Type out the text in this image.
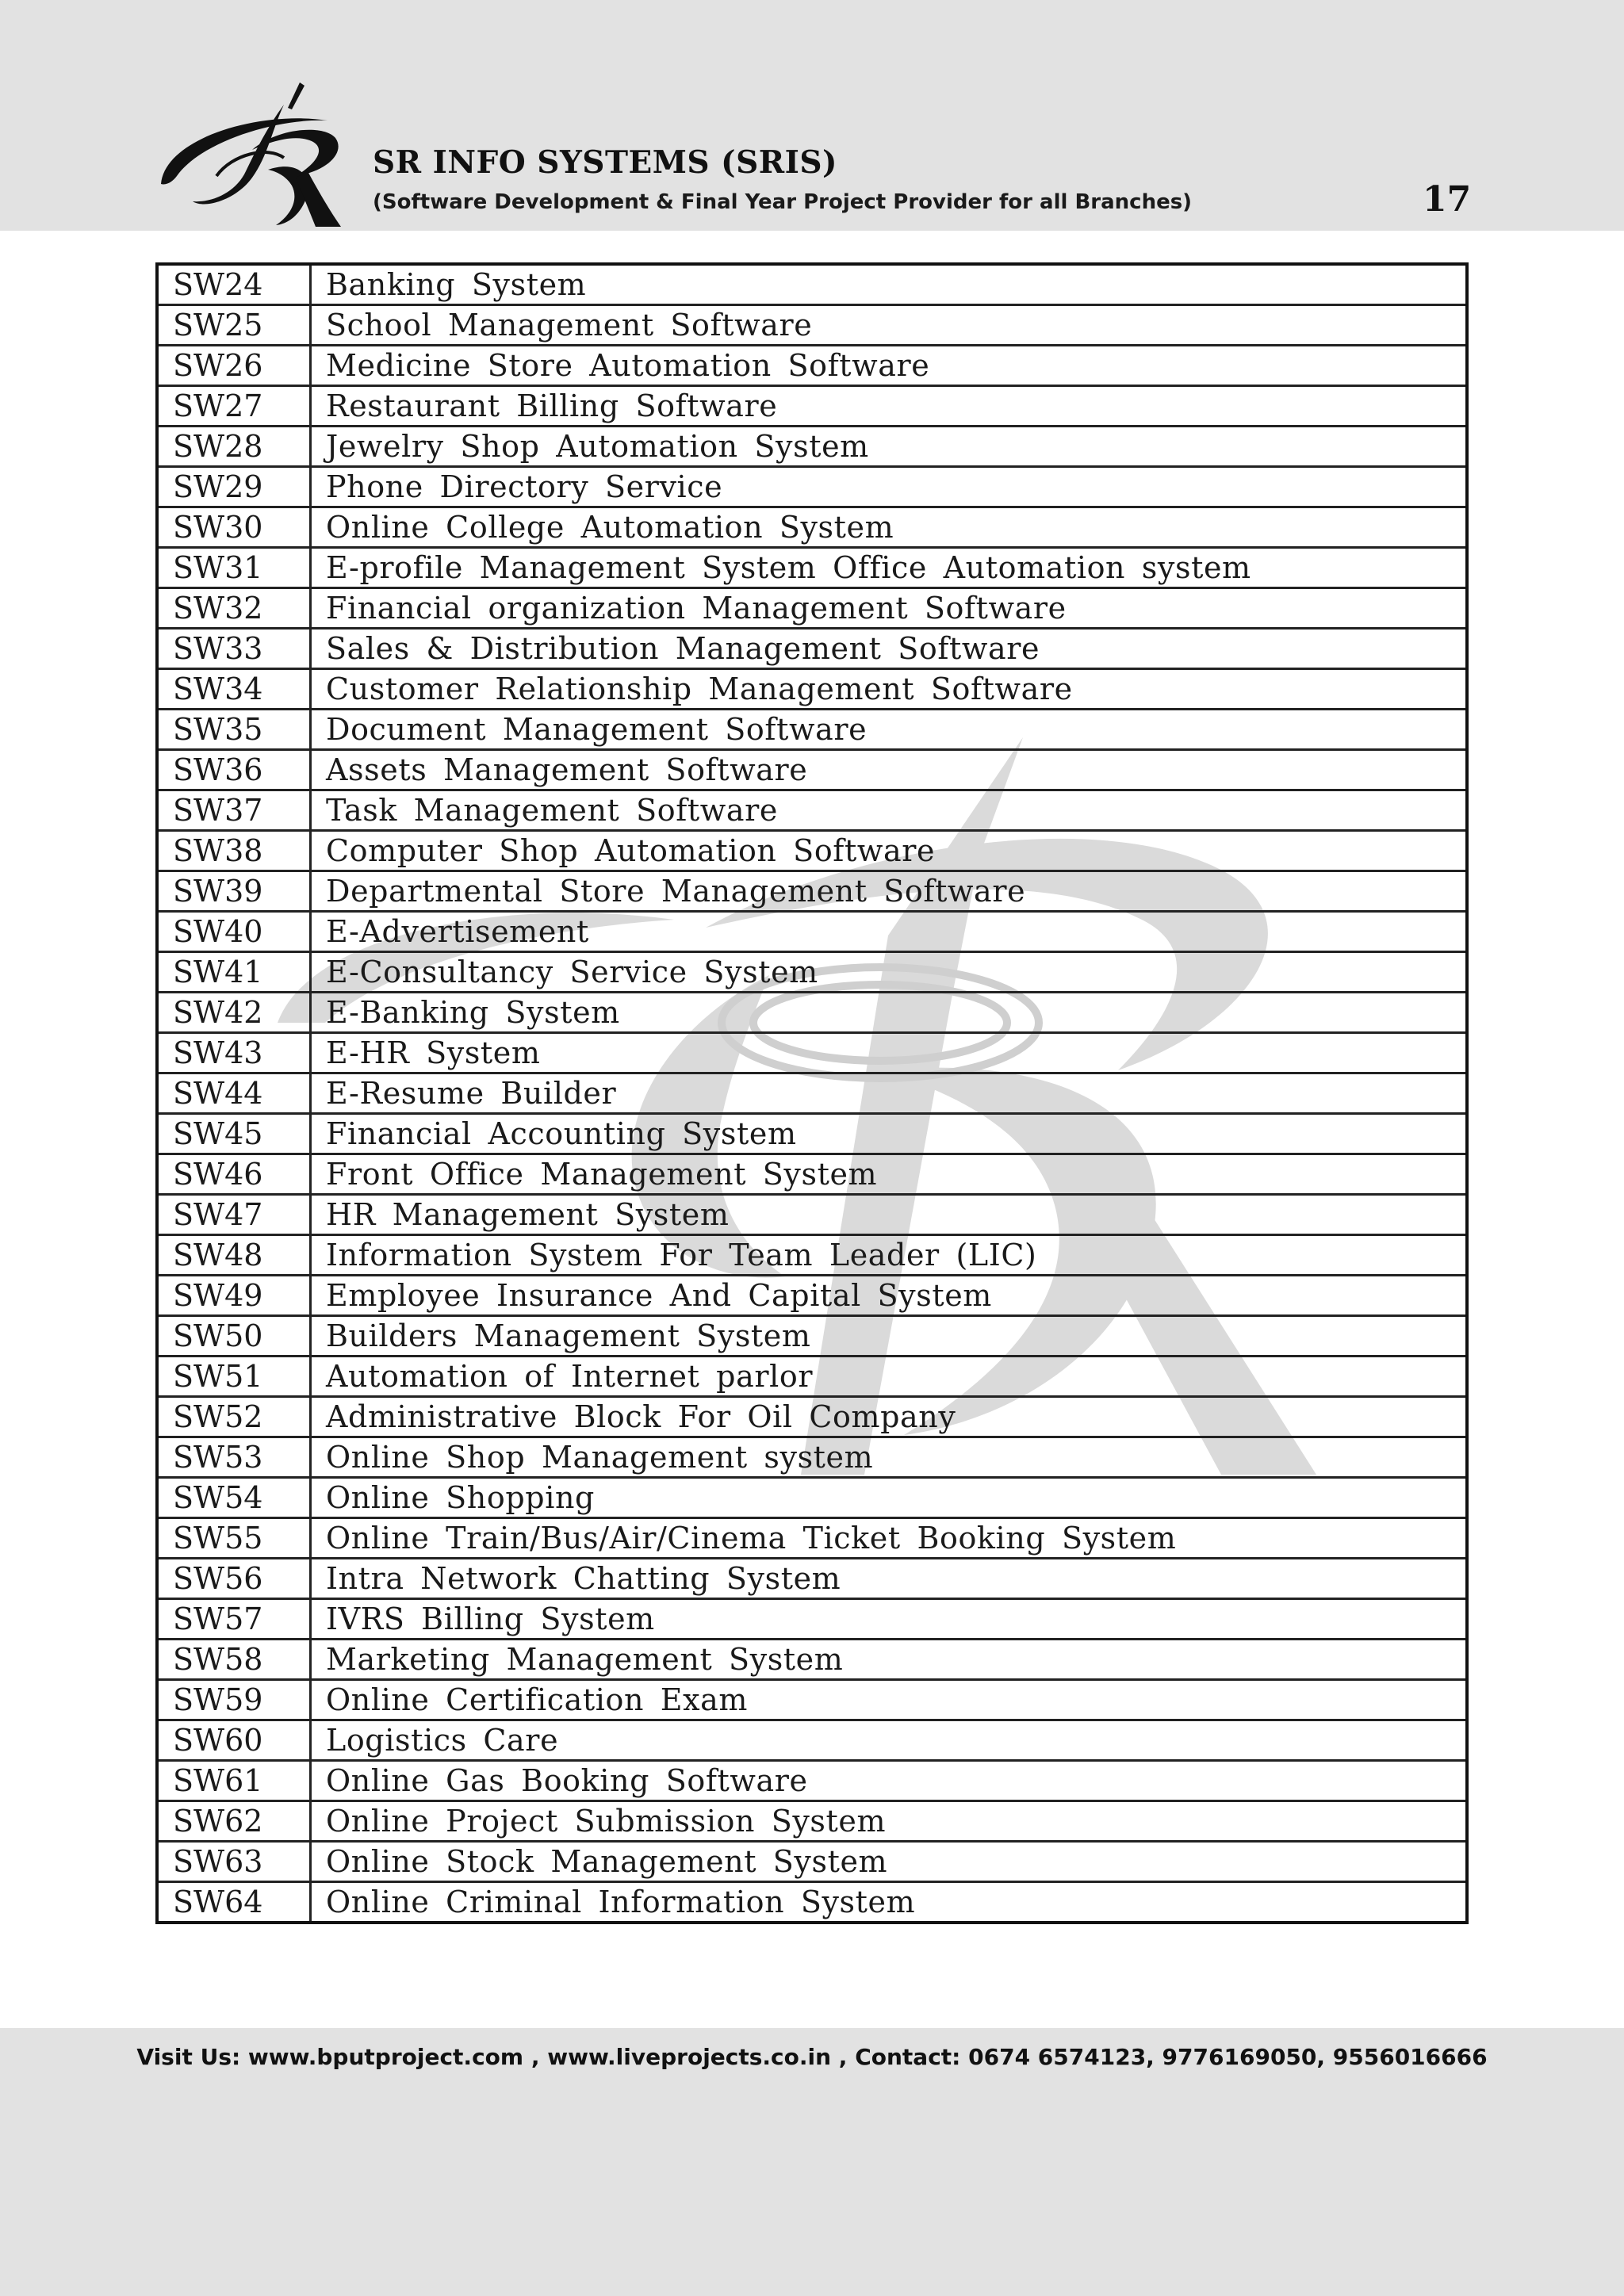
SR INFO SYSTEMS (SRIS)
(Software Development & Final Year Project Provider for all Branches)	17
SW24	Banking System
SW25	School Management Software
SW26	Medicine Store Automation Software
SW27	Restaurant Billing Software
SW28	Jewelry Shop Automation System
SW29	Phone Directory Service
SW30	Online College Automation System
SW31	E-profile Management System Office Automation system
SW32	Financial organization Management Software
SW33	Sales & Distribution Management Software
SW34	Customer Relationship Management Software
SW35	Document Management Software
SW36	Assets Management Software
SW37	Task Management Software
SW38	Computer Shop Automation Software
SW39	Departmental Store Management Software
SW40	E-Advertisement
SW41	E-Consultancy Service System
SW42	E-Banking System
SW43	E-HR System
SW44	E-Resume Builder
SW45	Financial Accounting System
SW46	Front Office Management System
SW47	HR Management System
SW48	Information System For Team Leader (LIC)
SW49	Employee Insurance And Capital System
SW50	Builders Management System
SW51	Automation of Internet parlor
SW52	Administrative Block For Oil Company
SW53	Online Shop Management system
SW54	Online Shopping
SW55	Online Train/Bus/Air/Cinema Ticket Booking System
SW56	Intra Network Chatting System
SW57	IVRS Billing System
SW58	Marketing Management System
SW59	Online Certification Exam
SW60	Logistics Care
SW61	Online Gas Booking Software
SW62	Online Project Submission System
SW63	Online Stock Management System
SW64	Online Criminal Information System
Visit Us: www.bputproject.com , www.liveprojects.co.in , Contact: 0674 6574123, 9776169050, 9556016666
